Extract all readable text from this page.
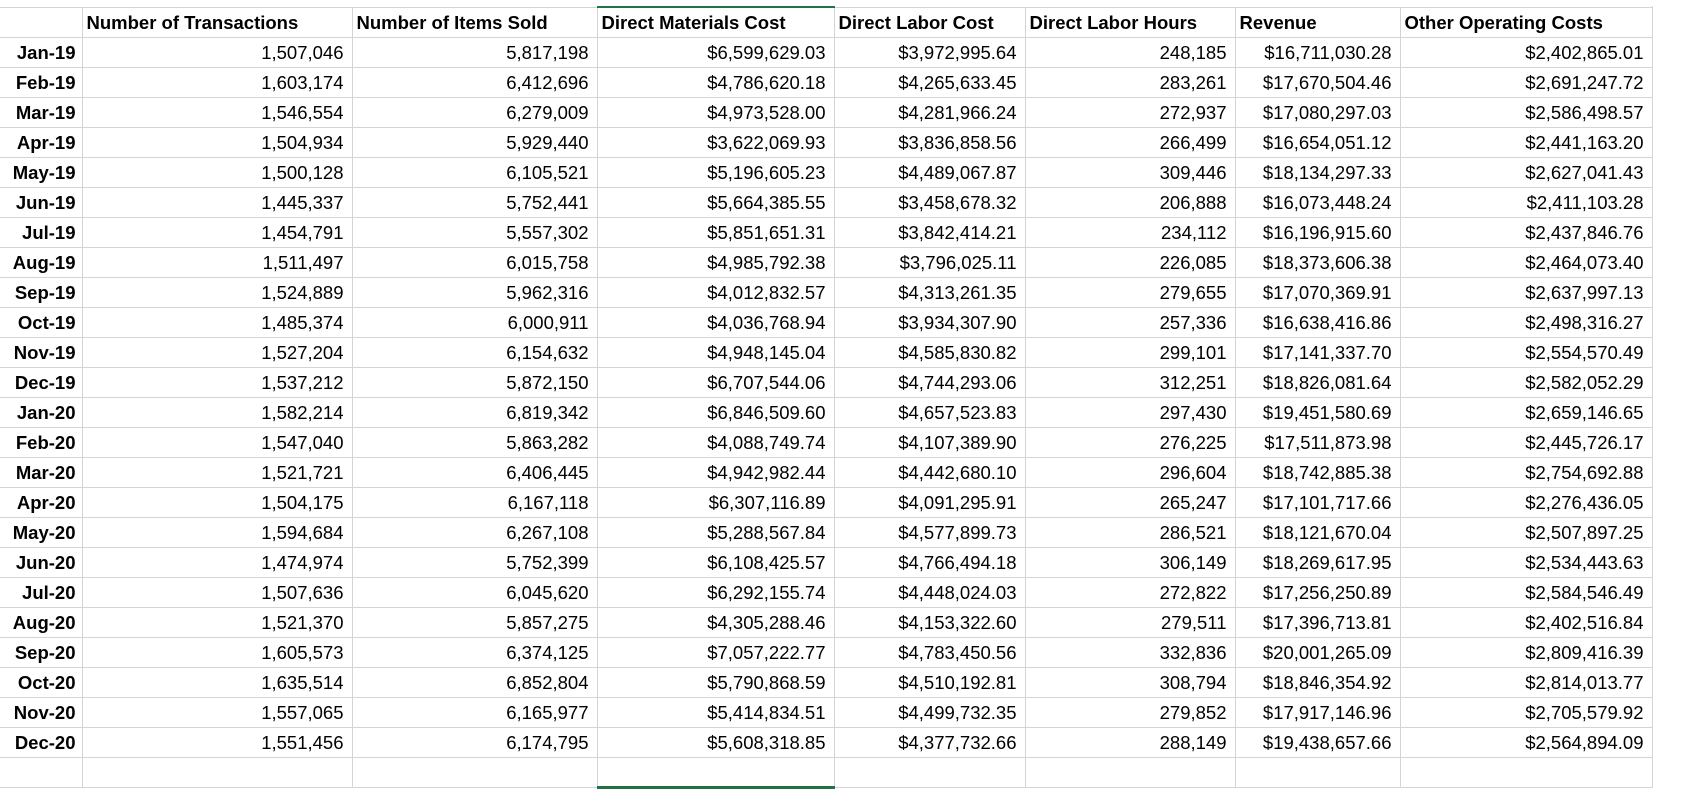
	Number of Transactions	Number of Items Sold	Direct Materials Cost	Direct Labor Cost	Direct Labor Hours	Revenue	Other Operating Costs
Jan-19	1,507,046	5,817,198	$6,599,629.03	$3,972,995.64	248,185	$16,711,030.28	$2,402,865.01
Feb-19	1,603,174	6,412,696	$4,786,620.18	$4,265,633.45	283,261	$17,670,504.46	$2,691,247.72
Mar-19	1,546,554	6,279,009	$4,973,528.00	$4,281,966.24	272,937	$17,080,297.03	$2,586,498.57
Apr-19	1,504,934	5,929,440	$3,622,069.93	$3,836,858.56	266,499	$16,654,051.12	$2,441,163.20
May-19	1,500,128	6,105,521	$5,196,605.23	$4,489,067.87	309,446	$18,134,297.33	$2,627,041.43
Jun-19	1,445,337	5,752,441	$5,664,385.55	$3,458,678.32	206,888	$16,073,448.24	$2,411,103.28
Jul-19	1,454,791	5,557,302	$5,851,651.31	$3,842,414.21	234,112	$16,196,915.60	$2,437,846.76
Aug-19	1,511,497	6,015,758	$4,985,792.38	$3,796,025.11	226,085	$18,373,606.38	$2,464,073.40
Sep-19	1,524,889	5,962,316	$4,012,832.57	$4,313,261.35	279,655	$17,070,369.91	$2,637,997.13
Oct-19	1,485,374	6,000,911	$4,036,768.94	$3,934,307.90	257,336	$16,638,416.86	$2,498,316.27
Nov-19	1,527,204	6,154,632	$4,948,145.04	$4,585,830.82	299,101	$17,141,337.70	$2,554,570.49
Dec-19	1,537,212	5,872,150	$6,707,544.06	$4,744,293.06	312,251	$18,826,081.64	$2,582,052.29
Jan-20	1,582,214	6,819,342	$6,846,509.60	$4,657,523.83	297,430	$19,451,580.69	$2,659,146.65
Feb-20	1,547,040	5,863,282	$4,088,749.74	$4,107,389.90	276,225	$17,511,873.98	$2,445,726.17
Mar-20	1,521,721	6,406,445	$4,942,982.44	$4,442,680.10	296,604	$18,742,885.38	$2,754,692.88
Apr-20	1,504,175	6,167,118	$6,307,116.89	$4,091,295.91	265,247	$17,101,717.66	$2,276,436.05
May-20	1,594,684	6,267,108	$5,288,567.84	$4,577,899.73	286,521	$18,121,670.04	$2,507,897.25
Jun-20	1,474,974	5,752,399	$6,108,425.57	$4,766,494.18	306,149	$18,269,617.95	$2,534,443.63
Jul-20	1,507,636	6,045,620	$6,292,155.74	$4,448,024.03	272,822	$17,256,250.89	$2,584,546.49
Aug-20	1,521,370	5,857,275	$4,305,288.46	$4,153,322.60	279,511	$17,396,713.81	$2,402,516.84
Sep-20	1,605,573	6,374,125	$7,057,222.77	$4,783,450.56	332,836	$20,001,265.09	$2,809,416.39
Oct-20	1,635,514	6,852,804	$5,790,868.59	$4,510,192.81	308,794	$18,846,354.92	$2,814,013.77
Nov-20	1,557,065	6,165,977	$5,414,834.51	$4,499,732.35	279,852	$17,917,146.96	$2,705,579.92
Dec-20	1,551,456	6,174,795	$5,608,318.85	$4,377,732.66	288,149	$19,438,657.66	$2,564,894.09
